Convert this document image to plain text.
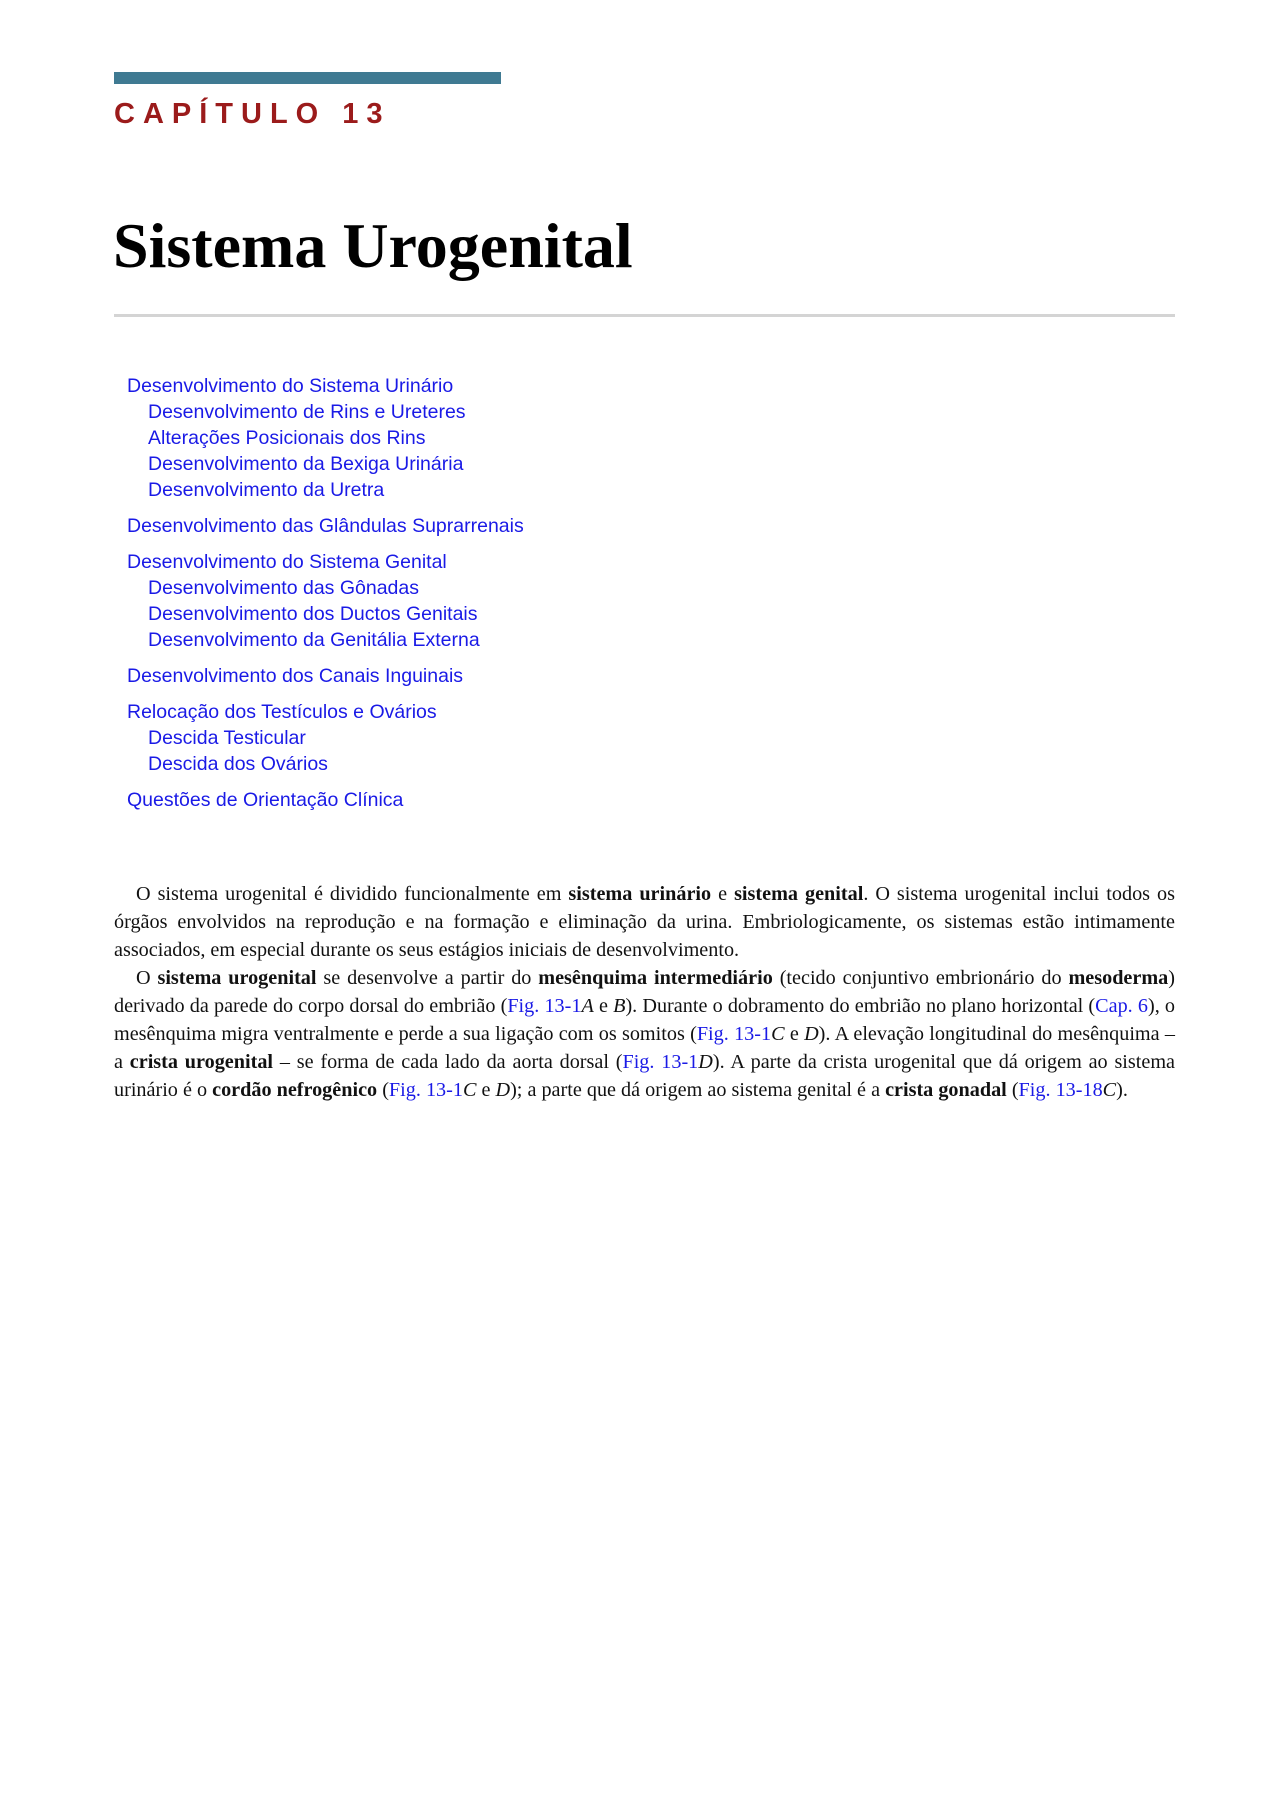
CAPÍTULO 13
Sistema Urogenital
Desenvolvimento do Sistema Urinário
Desenvolvimento de Rins e Ureteres
Alterações Posicionais dos Rins
Desenvolvimento da Bexiga Urinária
Desenvolvimento da Uretra
Desenvolvimento das Glândulas Suprarrenais
Desenvolvimento do Sistema Genital
Desenvolvimento das Gônadas
Desenvolvimento dos Ductos Genitais
Desenvolvimento da Genitália Externa
Desenvolvimento dos Canais Inguinais
Relocação dos Testículos e Ovários
Descida Testicular
Descida dos Ovários
Questões de Orientação Clínica

O sistema urogenital é dividido funcionalmente em sistema urinário e sistema genital. O sistema urogenital inclui todos os órgãos envolvidos na reprodução e na formação e eliminação da urina. Embriologicamente, os sistemas estão intimamente associados, em especial durante os seus estágios iniciais de desenvolvimento.

O sistema urogenital se desenvolve a partir do mesênquima intermediário (tecido conjuntivo embrionário do mesoderma) derivado da parede do corpo dorsal do embrião (Fig. 13-1A e B). Durante o dobramento do embrião no plano horizontal (Cap. 6), o mesênquima migra ventralmente e perde a sua ligação com os somitos (Fig. 13-1C e D). A elevação longitudinal do mesênquima – a crista urogenital – se forma de cada lado da aorta dorsal (Fig. 13-1D). A parte da crista urogenital que dá origem ao sistema urinário é o cordão nefrogênico (Fig. 13-1C e D); a parte que dá origem ao sistema genital é a crista gonadal (Fig. 13-18C).
